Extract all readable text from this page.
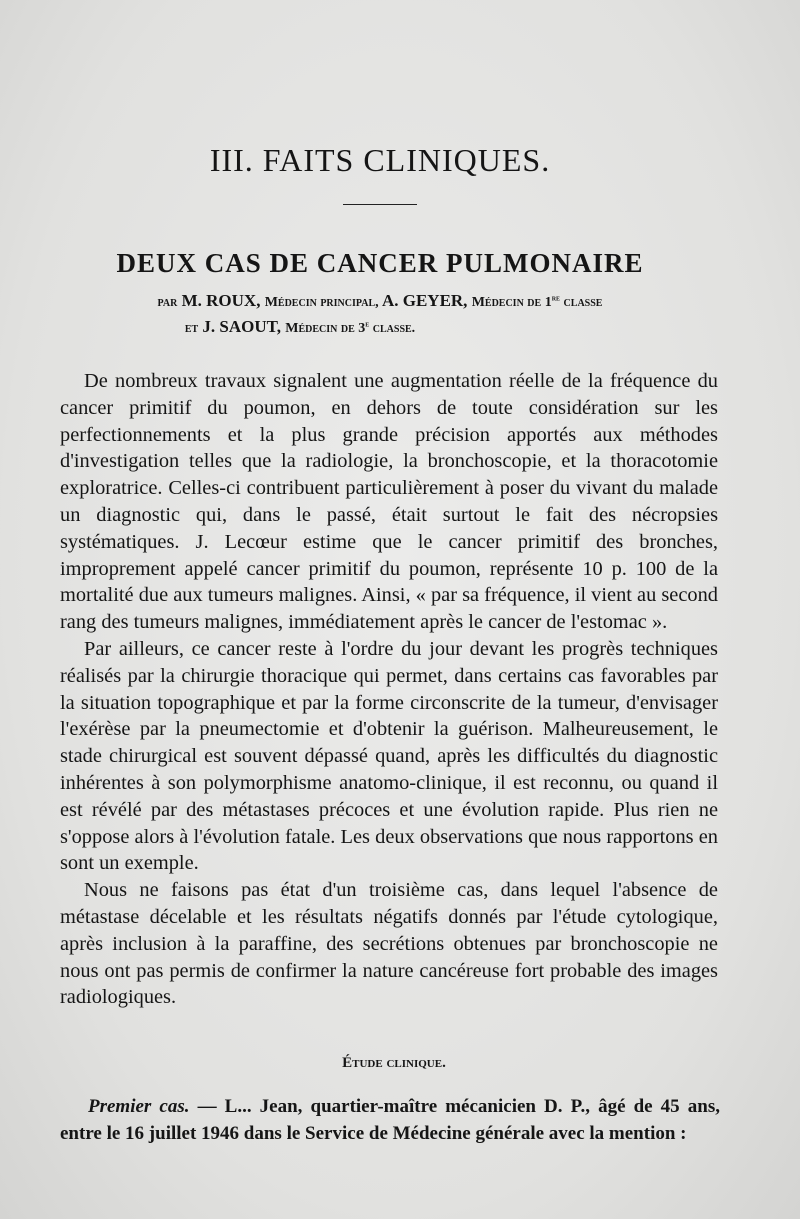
III. FAITS CLINIQUES.
DEUX CAS DE CANCER PULMONAIRE
par M. ROUX, Médecin principal, A. GEYER, Médecin de 1re classe
et J. SAOUT, Médecin de 3e classe.

De nombreux travaux signalent une augmentation réelle de la fréquence du cancer primitif du poumon, en dehors de toute considération sur les perfectionnements et la plus grande précision apportés aux méthodes d'investigation telles que la radiologie, la bronchoscopie, et la thoracotomie exploratrice. Celles-ci contribuent particulièrement à poser du vivant du malade un diagnostic qui, dans le passé, était surtout le fait des nécropsies systématiques. J. Lecœur estime que le cancer primitif des bronches, improprement appelé cancer primitif du poumon, représente 10 p. 100 de la mortalité due aux tumeurs malignes. Ainsi, « par sa fréquence, il vient au second rang des tumeurs malignes, immédiatement après le cancer de l'estomac ».

Par ailleurs, ce cancer reste à l'ordre du jour devant les progrès techniques réalisés par la chirurgie thoracique qui permet, dans certains cas favorables par la situation topographique et par la forme circonscrite de la tumeur, d'envisager l'exérèse par la pneumectomie et d'obtenir la guérison. Malheureusement, le stade chirurgical est souvent dépassé quand, après les difficultés du diagnostic inhérentes à son polymorphisme anatomo-clinique, il est reconnu, ou quand il est révélé par des métastases précoces et une évolution rapide. Plus rien ne s'oppose alors à l'évolution fatale. Les deux observations que nous rapportons en sont un exemple.

Nous ne faisons pas état d'un troisième cas, dans lequel l'absence de métastase décelable et les résultats négatifs donnés par l'étude cytologique, après inclusion à la paraffine, des secrétions obtenues par bronchoscopie ne nous ont pas permis de confirmer la nature cancéreuse fort probable des images radiologiques.

Étude clinique.

Premier cas. — L... Jean, quartier-maître mécanicien D. P., âgé de 45 ans, entre le 16 juillet 1946 dans le Service de Médecine générale avec la mention :
